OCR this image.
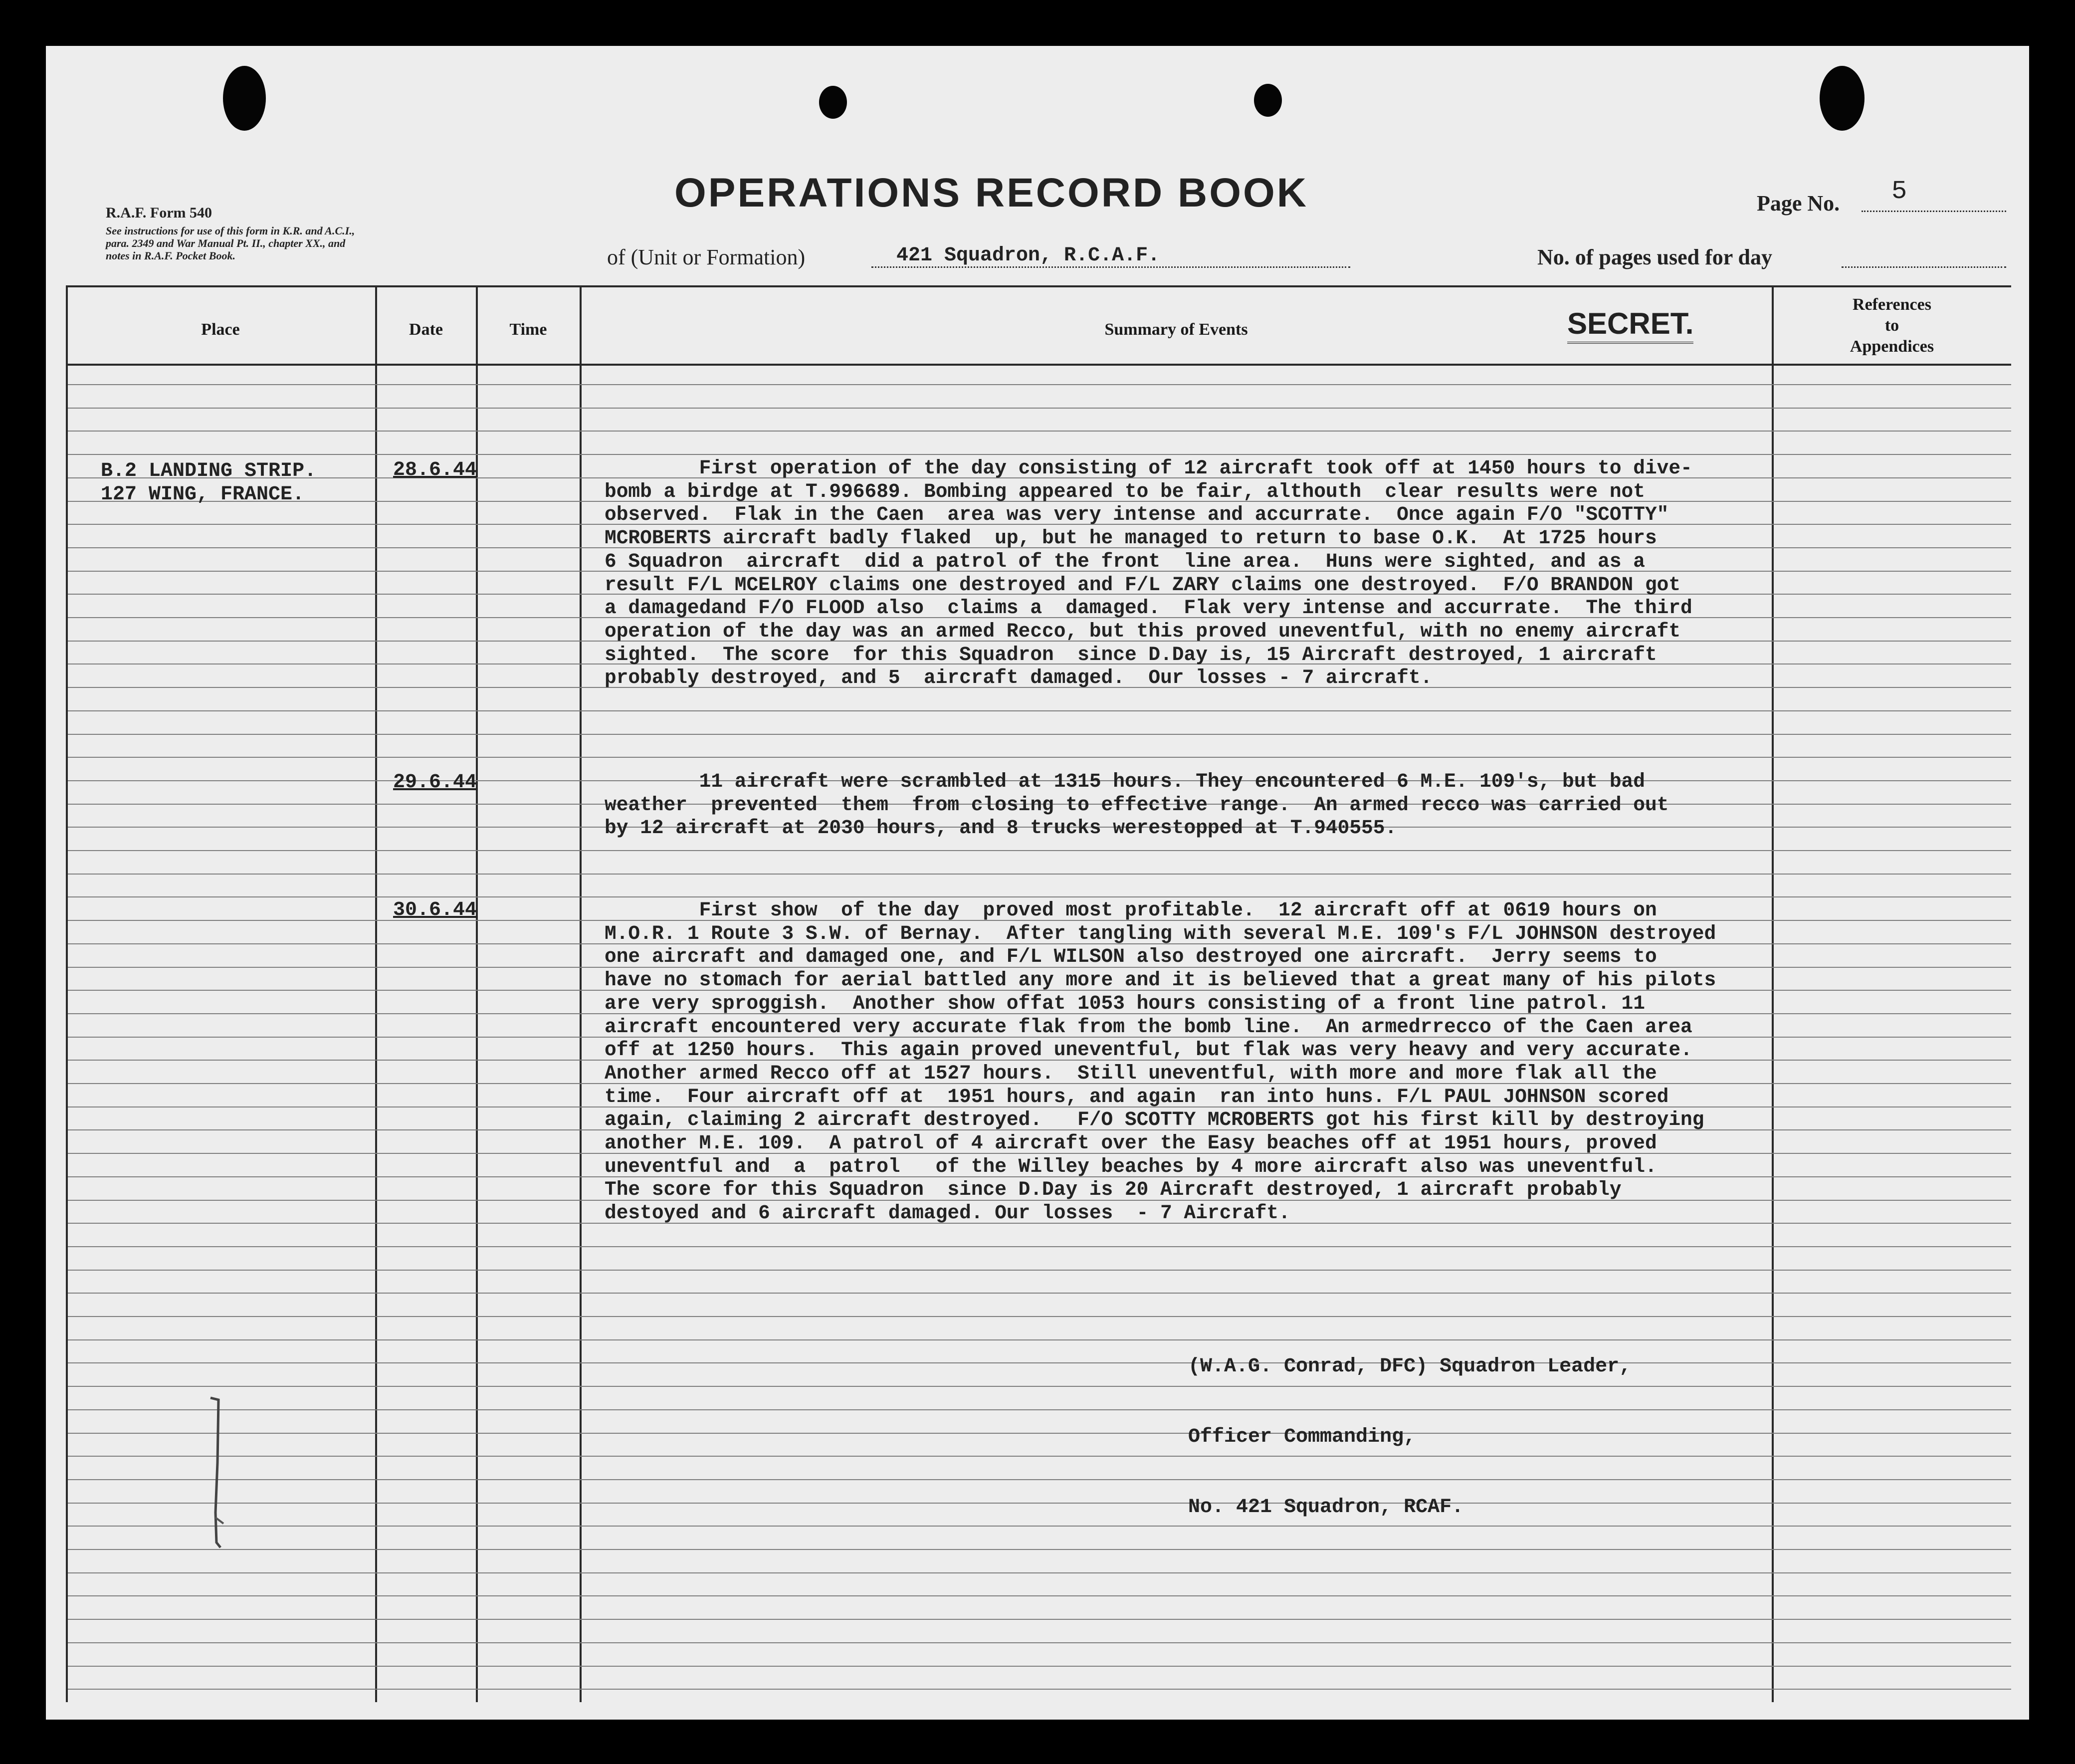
R.A.F. Form 540
See instructions for use of this form in K.R. and A.C.I.,
para. 2349 and War Manual Pt. II., chapter XX., and
notes in R.A.F. Pocket Book.
OPERATIONS RECORD BOOK	Page No. 5
of (Unit or Formation)	421 Squadron, R.C.A.F.	No. of pages used for day
Place	Date	Time	Summary of Events
References
to
Appendices
SECRET.
B.2 LANDING STRIP.
127 WING, FRANCE.
28.6.44	First operation of the day consisting of 12 aircraft took off at 1450 hours to dive-
bomb a birdge at T.996689. Bombing appeared to be fair, althouth  clear results were not
observed.  Flak in the Caen  area was very intense and accurrate.  Once again F/O "SCOTTY"
MCROBERTS aircraft badly flaked  up, but he managed to return to base O.K.  At 1725 hours
6 Squadron  aircraft  did a patrol of the front  line area.  Huns were sighted, and as a
result F/L MCELROY claims one destroyed and F/L ZARY claims one destroyed.  F/O BRANDON got
a damagedand F/O FLOOD also  claims a  damaged.  Flak very intense and accurrate.  The third
operation of the day was an armed Recco, but this proved uneventful, with no enemy aircraft
sighted.  The score  for this Squadron  since D.Day is, 15 Aircraft destroyed, 1 aircraft
probably destroyed, and 5  aircraft damaged.  Our losses - 7 aircraft.
29.6.44	11 aircraft were scrambled at 1315 hours. They encountered 6 M.E. 109's, but bad
weather  prevented  them  from closing to effective range.  An armed recco was carried out
by 12 aircraft at 2030 hours, and 8 trucks werestopped at T.940555.
30.6.44	First show  of the day  proved most profitable.  12 aircraft off at 0619 hours on
M.O.R. 1 Route 3 S.W. of Bernay.  After tangling with several M.E. 109's F/L JOHNSON destroyed
one aircraft and damaged one, and F/L WILSON also destroyed one aircraft.  Jerry seems to
have no stomach for aerial battled any more and it is believed that a great many of his pilots
are very sproggish.  Another show offat 1053 hours consisting of a front line patrol. 11
aircraft encountered very accurate flak from the bomb line.  An armedrrecco of the Caen area
off at 1250 hours.  This again proved uneventful, but flak was very heavy and very accurate.
Another armed Recco off at 1527 hours.  Still uneventful, with more and more flak all the
time.  Four aircraft off at  1951 hours, and again  ran into huns. F/L PAUL JOHNSON scored
again, claiming 2 aircraft destroyed.   F/O SCOTTY MCROBERTS got his first kill by destroying
another M.E. 109.  A patrol of 4 aircraft over the Easy beaches off at 1951 hours, proved
uneventful and  a  patrol   of the Willey beaches by 4 more aircraft also was uneventful.
The score for this Squadron  since D.Day is 20 Aircraft destroyed, 1 aircraft probably
destoyed and 6 aircraft damaged. Our losses  - 7 Aircraft.

(W.A.G. Conrad, DFC) Squadron Leader,

Officer Commanding,

No. 421 Squadron, RCAF.
